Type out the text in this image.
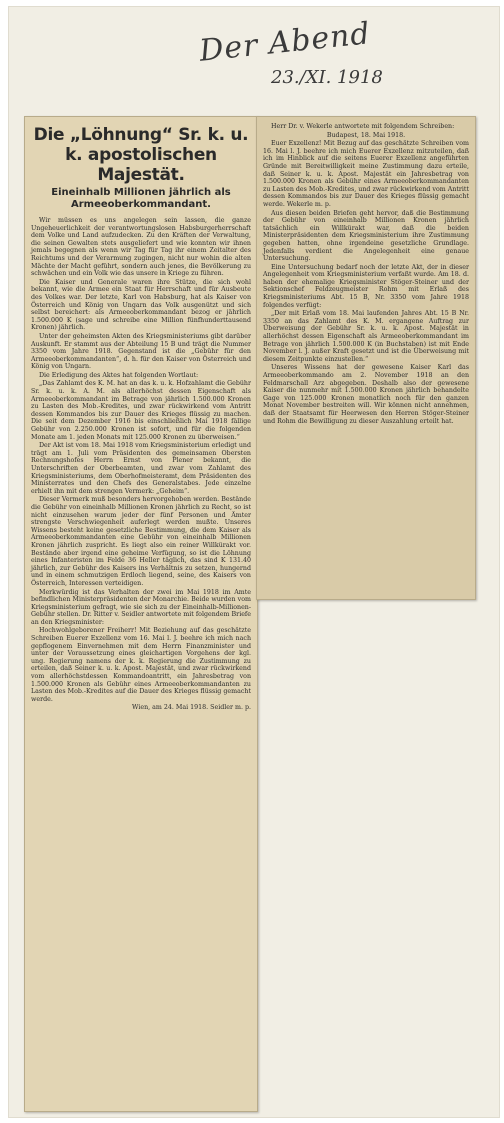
Der Abend
23./XI. 1918
Die „Löhnung“ Sr. k. u. k. apostolischen Majestät.
Eineinhalb Millionen jährlich als Armeeoberkommandant.

Wir müssen es uns angelegen sein lassen, die ganze Ungeheuerlichkeit der verantwortungslosen Habsburgerherrschaft dem Volke und Land aufzudecken. Zu den Kräften der Verwaltung, die seinen Gewalten stets ausgeliefert und wie konnten wir ihnen jemals begegnen als wenn wir Tag für Tag ihr einem Zeitalter des Reichtums und der Verarmung zugingen, nicht nur wohin die alten Mächte der Macht geführt, sondern auch jenes, die Bevölkerung zu schwächen und ein Volk wie das unsere in Kriege zu führen.

Die Kaiser und Generale waren ihre Stütze, die sich wohl bekannt, wie die Armee ein Staat für Herrschaft und für Ausbeute des Volkes war. Der letzte, Karl von Habsburg, hat als Kaiser von Österreich und König von Ungarn das Volk ausgenützt und sich selbst bereichert: als Armeeoberkommandant bezog er jährlich 1.500.000 K (sage und schreibe eine Million fünfhunderttausend Kronen) jährlich.

Unter der geheimsten Akten des Kriegsministeriums gibt darüber Auskunft. Er stammt aus der Abteilung 15 B und trägt die Nummer 3350 vom Jahre 1918. Gegenstand ist die „Gebühr für den Armeeoberkommandanten“, d. h. für den Kaiser von Österreich und König von Ungarn.

Die Erledigung des Aktes hat folgenden Wortlaut:

„Das Zahlamt des K. M. hat an das k. u. k. Hofzahlamt die Gebühr Sr. k. u. k. A. M. als allerhöchst dessen Eigenschaft als Armeeoberkommandant im Betrage von jährlich 1.500.000 Kronen zu Lasten des Mob.-Kredites, und zwar rückwirkend vom Antritt dessen Kommandos bis zur Dauer des Krieges flüssig zu machen. Die seit dem Dezember 1916 bis einschließlich Mai 1918 fällige Gebühr von 2.250.000 Kronen ist sofort, und für die folgenden Monate am 1. jeden Monats mit 125.000 Kronen zu überweisen.“

Der Akt ist vom 18. Mai 1918 vom Kriegsministerium erledigt und trägt am 1. Juli vom Präsidenten des gemeinsamen Obersten Rechnungshofes Herrn Ernst von Plener bekannt, die Unterschriften der Oberbeamten, und zwar vom Zahlamt des Kriegsministeriums, dem Oberhofmeisteramt, dem Präsidenten des Ministerrates und den Chefs des Generalstabes. Jede einzelne erhielt ihn mit dem strengen Vermerk: „Geheim“.

Dieser Vermerk muß besonders hervorgehoben werden. Bestände die Gebühr von eineinhalb Millionen Kronen jährlich zu Recht, so ist nicht einzusehen warum jeder der fünf Personen und Ämter strengste Verschwiegenheit auferlegt werden mußte. Unseres Wissens besteht keine gesetzliche Bestimmung, die dem Kaiser als Armeeoberkommandanten eine Gebühr von eineinhalb Millionen Kronen jährlich zuspricht. Es liegt also ein reiner Willkürakt vor. Bestände aber irgend eine geheime Verfügung, so ist die Löhnung eines Infanteristen im Felde 36 Heller täglich, das sind K 131.40 jährlich, zur Gebühr des Kaisers ins Verhältnis zu setzen, hungernd und in einem schmutzigen Erdloch liegend, seine, des Kaisers von Österreich, Interessen verteidigen.

Merkwürdig ist das Verhalten der zwei im Mai 1918 im Amte befindlichen Ministerpräsidenten der Monarchie. Beide wurden vom Kriegsministerium gefragt, wie sie sich zu der Eineinhalb-Millionen-Gebühr stellen. Dr. Ritter v. Seidler antwortete mit folgendem Briefe an den Kriegsminister:

Hochwohlgeborener Freiherr! Mit Beziehung auf das geschätzte Schreiben Euerer Exzellenz vom 16. Mai l. J. beehre ich mich nach gepflogenem Einvernehmen mit dem Herrn Finanzminister und unter der Voraussetzung eines gleichartigen Vorgehens der kgl. ung. Regierung namens der k. k. Regierung die Zustimmung zu erteilen, daß Seiner k. u. k. Apost. Majestät, und zwar rückwirkend vom allerhöchstdessen Kommandoantritt, ein Jahresbetrag von 1.500.000 Kronen als Gebühr eines Armeeoberkommandanten zu Lasten des Mob.-Kredites auf die Dauer des Krieges flüssig gemacht werde.

Wien, am 24. Mai 1918. Seidler m. p.

Herr Dr. v. Wekerle antwortete mit folgendem Schreiben:

Budapest, 18. Mai 1918.

Euer Exzellenz! Mit Bezug auf das geschätzte Schreiben vom 16. Mai l. J. beehre ich mich Euerer Exzellenz mitzuteilen, daß ich im Hinblick auf die seitens Euerer Exzellenz angeführten Gründe mit Bereitwilligkeit meine Zustimmung dazu erteile, daß Seiner k. u. k. Apost. Majestät ein Jahresbetrag von 1.500.000 Kronen als Gebühr eines Armeeoberkommandanten zu Lasten des Mob.-Kredites, und zwar rückwirkend vom Antritt dessen Kommandos bis zur Dauer des Krieges flüssig gemacht werde. Wekerle m. p.

Aus diesen beiden Briefen geht hervor, daß die Bestimmung der Gebühr von eineinhalb Millionen Kronen jährlich tatsächlich ein Willkürakt war, daß die beiden Ministerpräsidenten dem Kriegsministerium ihre Zustimmung gegeben hatten, ohne irgendeine gesetzliche Grundlage. Jedenfalls verdient die Angelegenheit eine genaue Untersuchung.

Eine Untersuchung bedarf noch der letzte Akt, der in dieser Angelegenheit vom Kriegsministerium verfaßt wurde. Am 18. d. haben der ehemalige Kriegsminister Stöger-Steiner und der Sektionschef Feldzeugmeister Rohm mit Erlaß des Kriegsministeriums Abt. 15 B, Nr. 3350 vom Jahre 1918 folgendes verfügt:

„Der mit Erlaß vom 18. Mai laufenden Jahres Abt. 15 B Nr. 3350 an das Zahlamt des K. M. ergangene Auftrag zur Überweisung der Gebühr Sr. k. u. k. Apost. Majestät in allerhöchst dessen Eigenschaft als Armeeoberkommandant im Betrage von jährlich 1.500.000 K (in Buchstaben) ist mit Ende November l. J. außer Kraft gesetzt und ist die Überweisung mit diesem Zeitpunkte einzustellen.“

Unseres Wissens hat der gewesene Kaiser Karl das Armeeoberkommando am 2. November 1918 an den Feldmarschall Arz abgegeben. Deshalb also der gewesene Kaiser die nunmehr mit 1.500.000 Kronen jährlich behandelte Gage von 125.000 Kronen monatlich noch für den ganzen Monat November bestreiten will. Wir können nicht annehmen, daß der Staatsamt für Heerwesen den Herren Stöger-Steiner und Rohm die Bewilligung zu dieser Auszahlung erteilt hat.
